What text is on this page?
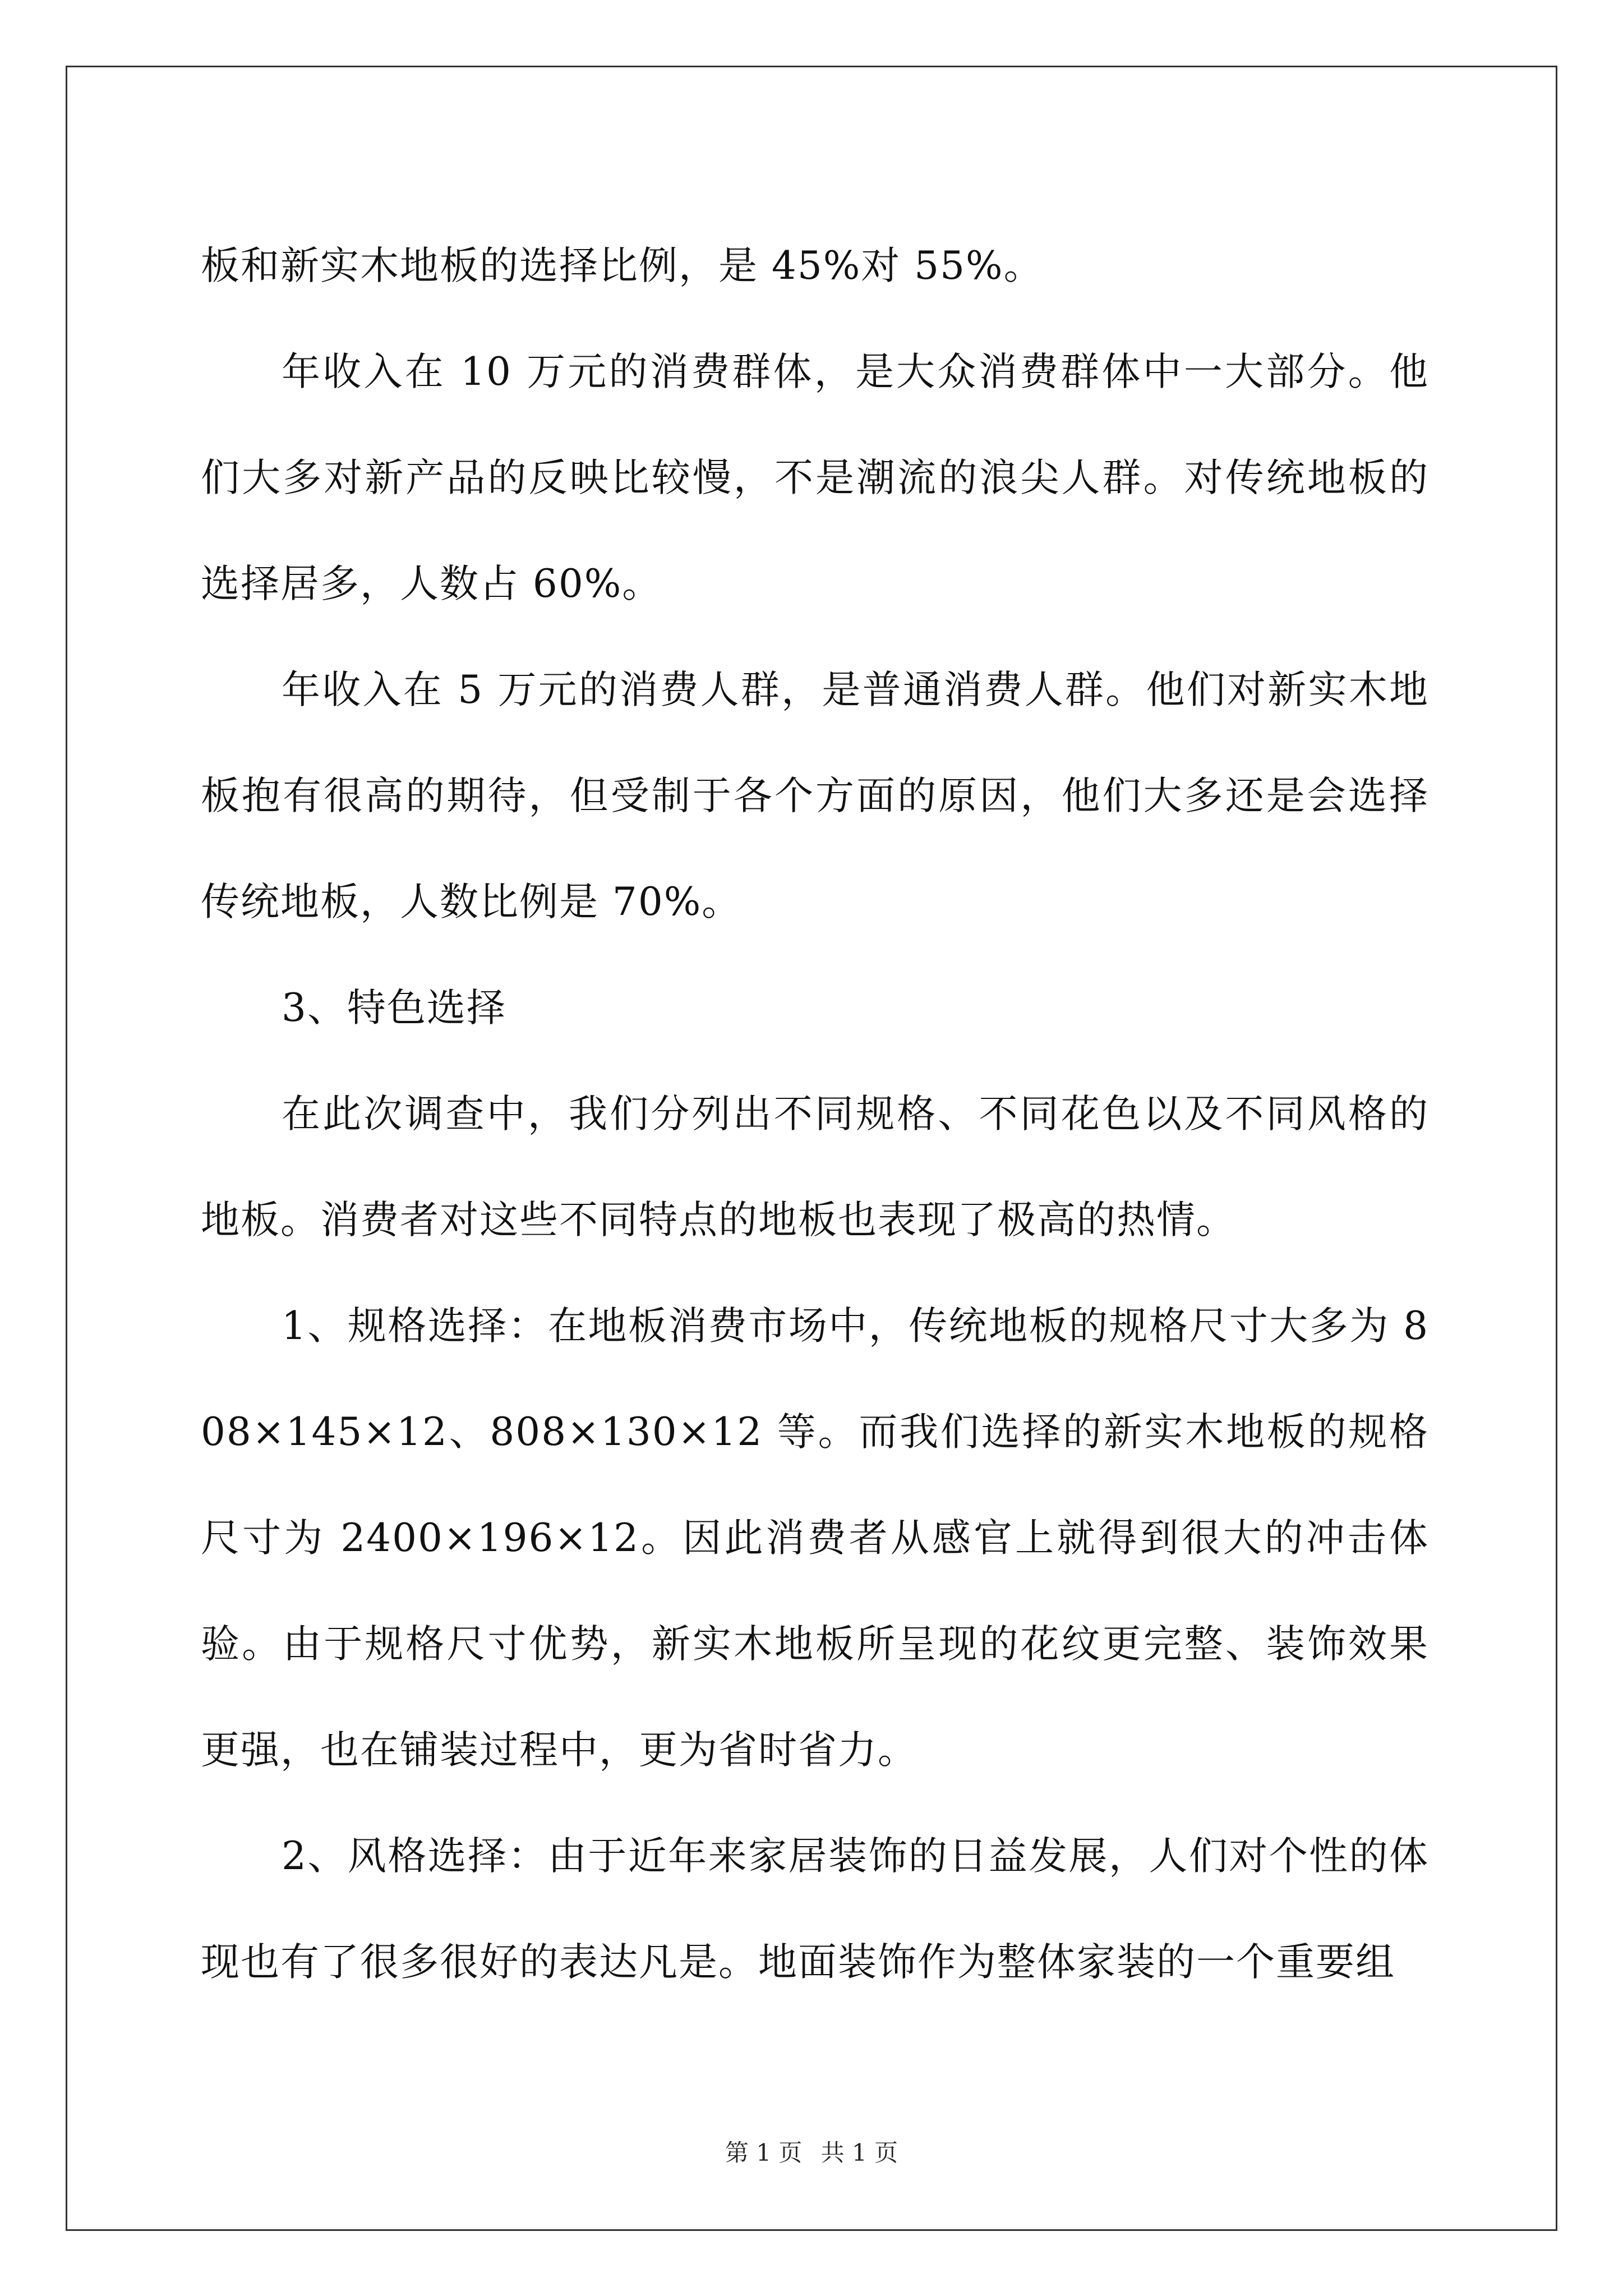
板和新实木地板的选择比例，是 45%对 55%。

年收入在 10 万元的消费群体，是大众消费群体中一大部分。他们大多对新产品的反映比较慢，不是潮流的浪尖人群。对传统地板的选择居多，人数占 60%。

年收入在 5 万元的消费人群，是普通消费人群。他们对新实木地板抱有很高的期待，但受制于各个方面的原因，他们大多还是会选择传统地板，人数比例是 70%。

3、特色选择

在此次调查中，我们分列出不同规格、不同花色以及不同风格的地板。消费者对这些不同特点的地板也表现了极高的热情。

1、规格选择：在地板消费市场中，传统地板的规格尺寸大多为 808×145×12、808×130×12 等。而我们选择的新实木地板的规格尺寸为 2400×196×12。因此消费者从感官上就得到很大的冲击体验。由于规格尺寸优势，新实木地板所呈现的花纹更完整、装饰效果更强，也在铺装过程中，更为省时省力。

2、风格选择：由于近年来家居装饰的日益发展，人们对个性的体现也有了很多很好的表达凡是。地面装饰作为整体家装的一个重要组

第 1 页 共 1 页
